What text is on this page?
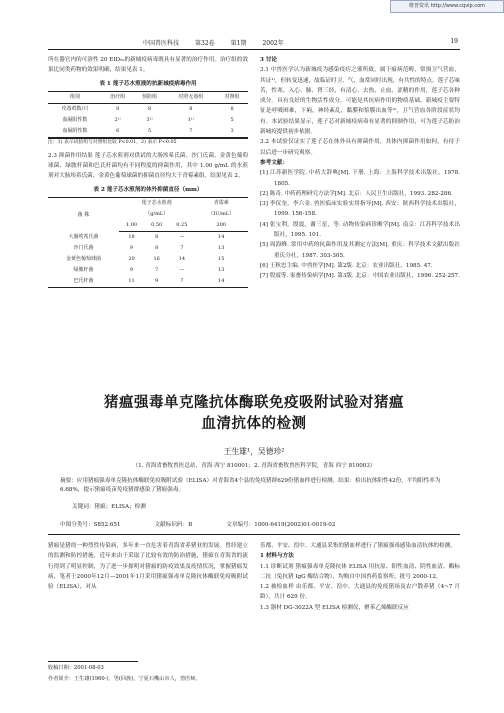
维普资讯 http://www.cqvip.com
中国兽医科技	第32卷	第1期	2002年	19
所在器官内的可溶性 20 EID₅₀的新城疫病毒既具有显著的治疗作用。治疗组的效果比同类药物的效果明确，结果见表 1。
表 1 莲子芯水煎液的抗新城疫病毒作用
组别	治疗组	预防组	对照无毒组	对照组
攻毒鸡数/只	8	8	8	8
血凝阳性数	2¹⁾	3²⁾	1¹⁾	5
血凝阴性数	6	5	7	3
注：1) 表示试验组与对照组比较 P<0.01，2) 表示 P<0.05
2.3 抑菌作用结果 莲子芯水煎剂对供试的大肠埃希氏菌、沙门氏菌、金黄色葡萄球菌、绿脓杆菌和巴氏杆菌均有不同程度的抑菌作用，其中 1.00 g/mL 的水煎剂对大肠埃希氏菌、金黄色葡萄球菌的抑菌直径均大于青霉素组。结果见表 2。
表 2 莲子芯水煎剂的体外抑菌直径（mm）
菌 株	莲子芯水煎剂			青霉素
	（g/mL）			（IU/mL）
	1.00	0.50	0.25	200
大肠埃希氏菌	18	8	—	14
沙门氏菌	9	8	7	13
金黄色葡萄球菌	20	16	14	15
绿脓杆菌	9	7	—	13
巴氏杆菌	11	9	7	14
3 讨论
3.1 中兽医学认为新城疫为感染疫疠之邪所致，属于瘟病范畴，常损卫气营血，其证¹⁾，但转变迅速，故临证时卫、气、血常同时出现，有共性的特点。莲子芯味苦，性寒，入心、肺、肾三经，有清心、去热、止血、涩精的作用，莲子芯各种成分。具有良好的生物活性成分，可能是其抗病作用的物质基础。新城疫主要特征是呼吸困难，下痢，神经紊乱，黏膜和浆膜出血等²⁾，卫气营血各阶段症状均有。本试验结果显示，莲子芯对新城疫病毒有显著的抑制作用，可为莲子芯防治新城疫提供初步依据。
3.2 本试验仅证实了莲子芯在体外具有抑菌作用，其体内抑菌作用如何，有待于以后进一步研究观察。
参考文献：
[1] 江苏新医学院. 中药大辞典[M]. 下册. 上海：上海科学技术出版社，1978. 1805.
[2] 陈奇. 中药药理研究方法学[M]. 北京：人民卫生出版社，1993. 282-286.
[3] 李仪奎，李六金. 兽医临床实验实用指导[M]. 西安：陕西科学技术出版社，1999. 156-158.
[4] 张宝利，殷震，谢三星，等. 动物传染病诊断学[M]. 南京：江苏科学技术出版社，1995. 101.
[5] 周海峰. 常用中药的抗菌作用及其测定方法[M]. 重庆：科学技术文献出版社重庆分社，1987. 303-305.
[6] 王秋忠主编. 中兽医学[M]. 第2版. 北京：农业出版社，1985. 47.
[7] 殷震等. 家畜传染病学[M]. 第3版. 北京：中国农业出版社，1996. 252-257.
猪瘟强毒单克隆抗体酶联免疫吸附试验对猪瘟
血清抗体的检测
王生雄¹，吴德珍²
（1. 青海省畜牧兽医总站，青海 西宁 810001；2. 青海省畜牧兽医科学院，青海 西宁 810003）
摘要：应用猪瘟强毒单克隆抗体酶联免疫吸附试验（ELISA）对青海省4个县的免疫猪群629份猪血样进行检测，结果：检出抗体阳性42份，平均阳性率为6.68%，提示猪瘟疫苗免疫猪群感染了猪瘟强毒。
关键词：猪瘟；ELISA；检测
中图分类号：S852.651	文献标识码：B	文章编号：1000-6419(2002)01-0019-02
猪瘟是猪的一种烈性传染病，多年来一直危害着青海省养猪业的发展。曾经建立的监测和防控措施，近年来由于采取了比较有效的防治措施，猪瘟在青海省的流行得到了明显控制，为了进一步探明对猪瘟的防疫效果及疫情状况，掌握猪瘟发病，笔者于2000年12月—2001年1月采用猪瘟强毒单克隆抗体酶联免疫吸附试验（ELISA），对从
乐都、平安、湟中、大通县采集的猪血样进行了猪瘟强毒感染血清抗体的检测。
1 材料与方法
1.1 诊断试剂 猪瘟强毒单克隆抗体 ELISA 用抗原、阳性血清、阴性血清、酶标二抗（兔抗猪 IgG 酶结合物）、均购自中国兽药监察所，批号 2000-12。
1.2 被检血样 由乐都、平安、湟中、大通县的免疫猪场及农户散养猪（4~7 月龄），共计 629 份。
1.3 器材 DG-3022A 型 ELISA 检测仪，聚苯乙烯酶联反应
收稿日期：2001-08-03
作者简介：王生雄(1960-)，男(回族)，宁夏石嘴山市人，兽医师。
